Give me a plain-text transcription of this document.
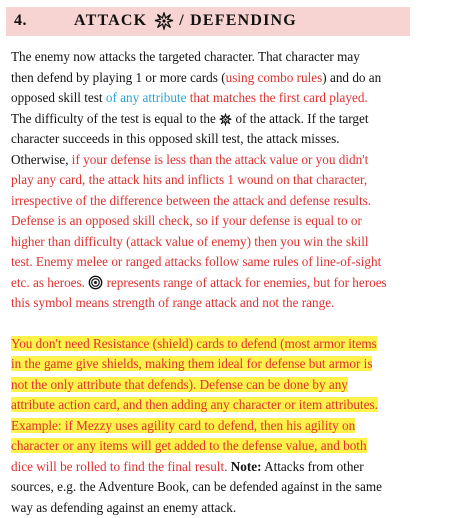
4.	ATTACK / DEFENDING
The enemy now attacks the targeted character. That character may
then defend by playing 1 or more cards (using combo rules) and do an
opposed skill test of any attribute that matches the first card played.
The difficulty of the test is equal to the  of the attack. If the target
character succeeds in this opposed skill test, the attack misses.
Otherwise, if your defense is less than the attack value or you didn't
play any card, the attack hits and inflicts 1 wound on that character,
irrespective of the difference between the attack and defense results.
Defense is an opposed skill check, so if your defense is equal to or
higher than difficulty (attack value of enemy) then you win the skill
test. Enemy melee or ranged attacks follow same rules of line-of-sight
etc. as heroes.  represents range of attack for enemies, but for heroes
this symbol means strength of range attack and not the range.
You don't need Resistance (shield) cards to defend (most armor items
in the game give shields, making them ideal for defense but armor is
not the only attribute that defends). Defense can be done by any
attribute action card, and then adding any character or item attributes.
Example: if Mezzy uses agility card to defend, then his agility on
character or any items will get added to the defense value, and both
dice will be rolled to find the final result. Note: Attacks from other
sources, e.g. the Adventure Book, can be defended against in the same
way as defending against an enemy attack.
